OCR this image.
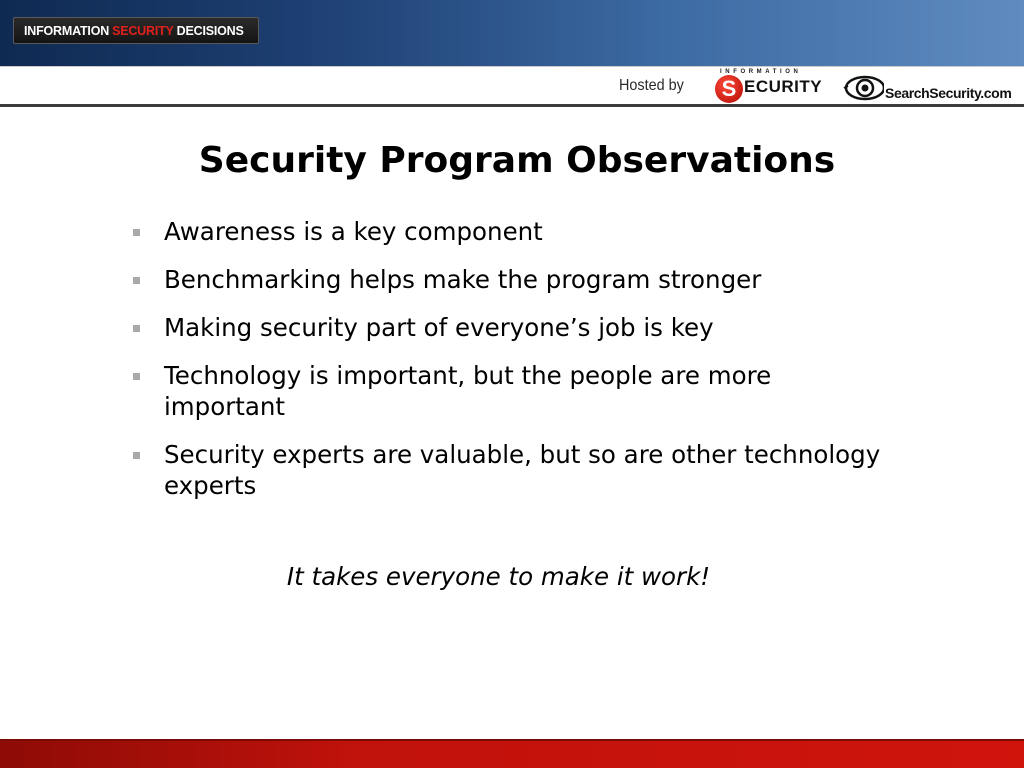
INFORMATION SECURITY DECISIONS
Hosted by
INFORMATION
S ECURITY	SearchSecurity.com
Security Program Observations
Awareness is a key component
Benchmarking helps make the program stronger
Making security part of everyone’s job is key
Technology is important, but the people are more important
Security experts are valuable, but so are other technology experts
It takes everyone to make it work!
